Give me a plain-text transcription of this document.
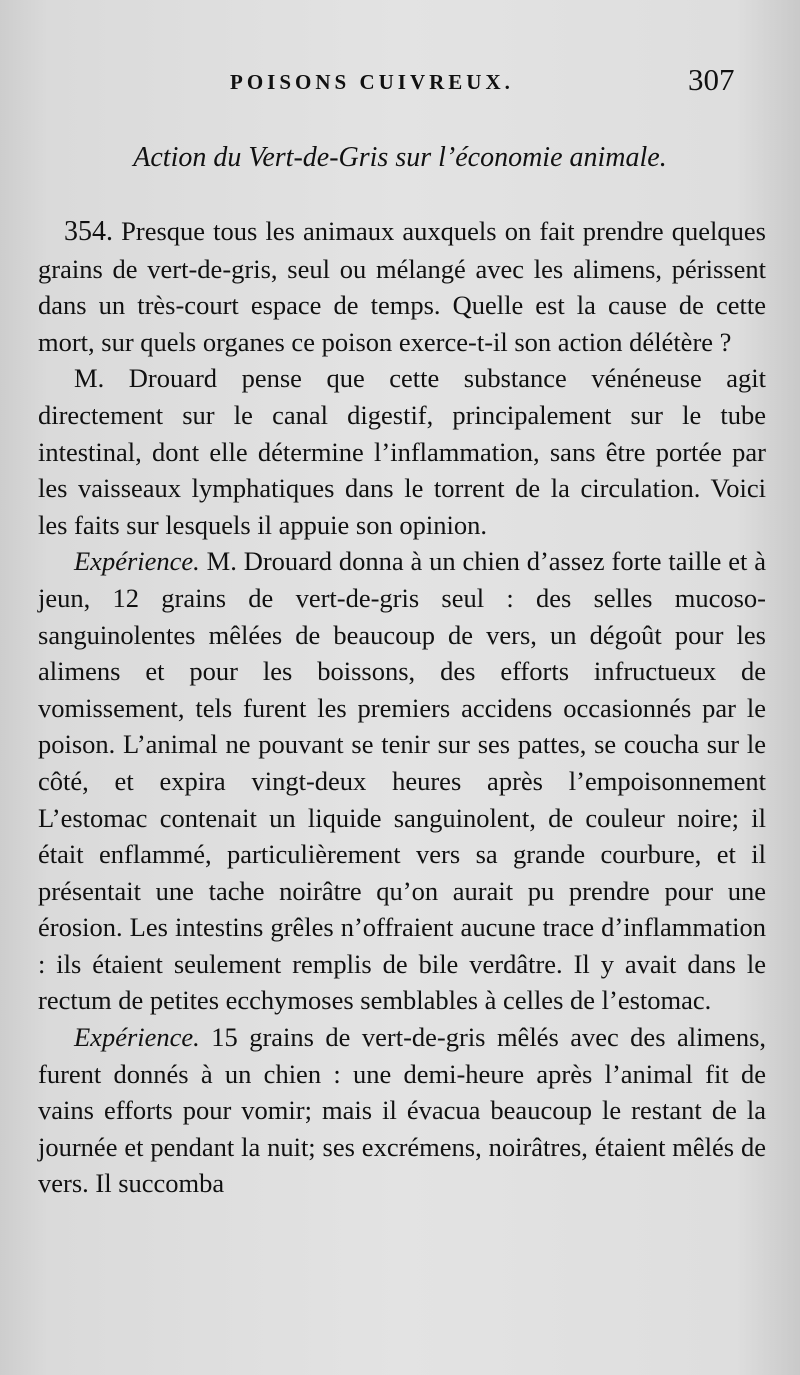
POISONS CUIVREUX.	307
Action du Vert-de-Gris sur l’économie animale.

354. Presque tous les animaux auxquels on fait prendre quelques grains de vert-de-gris, seul ou mélangé avec les alimens, périssent dans un très-court espace de temps. Quelle est la cause de cette mort, sur quels organes ce poison exerce-t-il son action délétère ?

M. Drouard pense que cette substance vénéneuse agit directement sur le canal digestif, principalement sur le tube intestinal, dont elle détermine l’inflammation, sans être portée par les vaisseaux lymphatiques dans le torrent de la circulation. Voici les faits sur lesquels il appuie son opinion.

Expérience. M. Drouard donna à un chien d’assez forte taille et à jeun, 12 grains de vert-de-gris seul : des selles mucoso-sanguinolentes mêlées de beaucoup de vers, un dégoût pour les alimens et pour les boissons, des efforts infructueux de vomissement, tels furent les premiers accidens occasionnés par le poison. L’animal ne pouvant se tenir sur ses pattes, se coucha sur le côté, et expira vingt-deux heures après l’empoisonnement L’estomac contenait un liquide sanguinolent, de couleur noire; il était enflammé, particulièrement vers sa grande courbure, et il présentait une tache noirâtre qu’on aurait pu prendre pour une érosion. Les intestins grêles n’offraient aucune trace d’inflammation : ils étaient seulement remplis de bile verdâtre. Il y avait dans le rectum de petites ecchymoses semblables à celles de l’estomac.

Expérience. 15 grains de vert-de-gris mêlés avec des alimens, furent donnés à un chien : une demi-heure après l’animal fit de vains efforts pour vomir; mais il évacua beaucoup le restant de la journée et pendant la nuit; ses excrémens, noirâtres, étaient mêlés de vers. Il succomba
